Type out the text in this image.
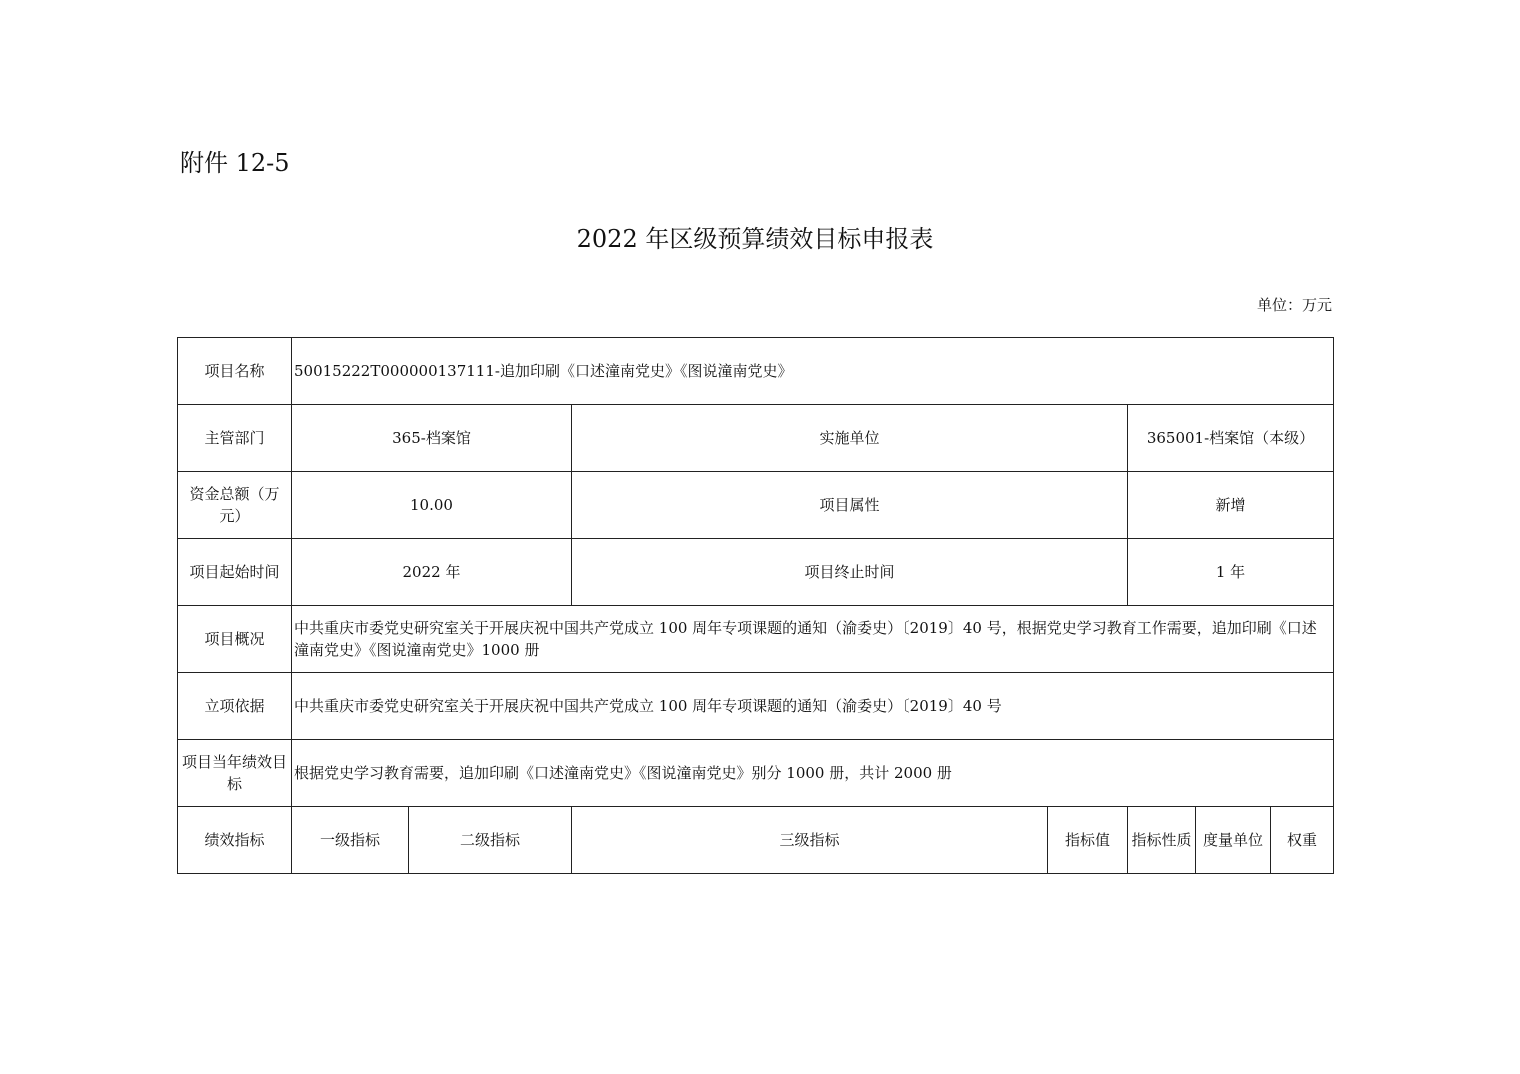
附件 12-5
2022 年区级预算绩效目标申报表
单位：万元
项目名称	50015222T000000137111-追加印刷《口述潼南党史》《图说潼南党史》						
主管部门	365-档案馆		实施单位		365001-档案馆（本级）		
资金总额（万元）	10.00		项目属性		新增		
项目起始时间	2022 年		项目终止时间		1 年		
项目概况	中共重庆市委党史研究室关于开展庆祝中国共产党成立 100 周年专项课题的通知（渝委史）〔2019〕40 号，根据党史学习教育工作需要，追加印刷《口述潼南党史》《图说潼南党史》1000 册						
立项依据	中共重庆市委党史研究室关于开展庆祝中国共产党成立 100 周年专项课题的通知（渝委史）〔2019〕40 号						
项目当年绩效目标	根据党史学习教育需要，追加印刷《口述潼南党史》《图说潼南党史》别分 1000 册，共计 2000 册						
绩效指标	一级指标	二级指标	三级指标	指标值	指标性质	度量单位	权重
